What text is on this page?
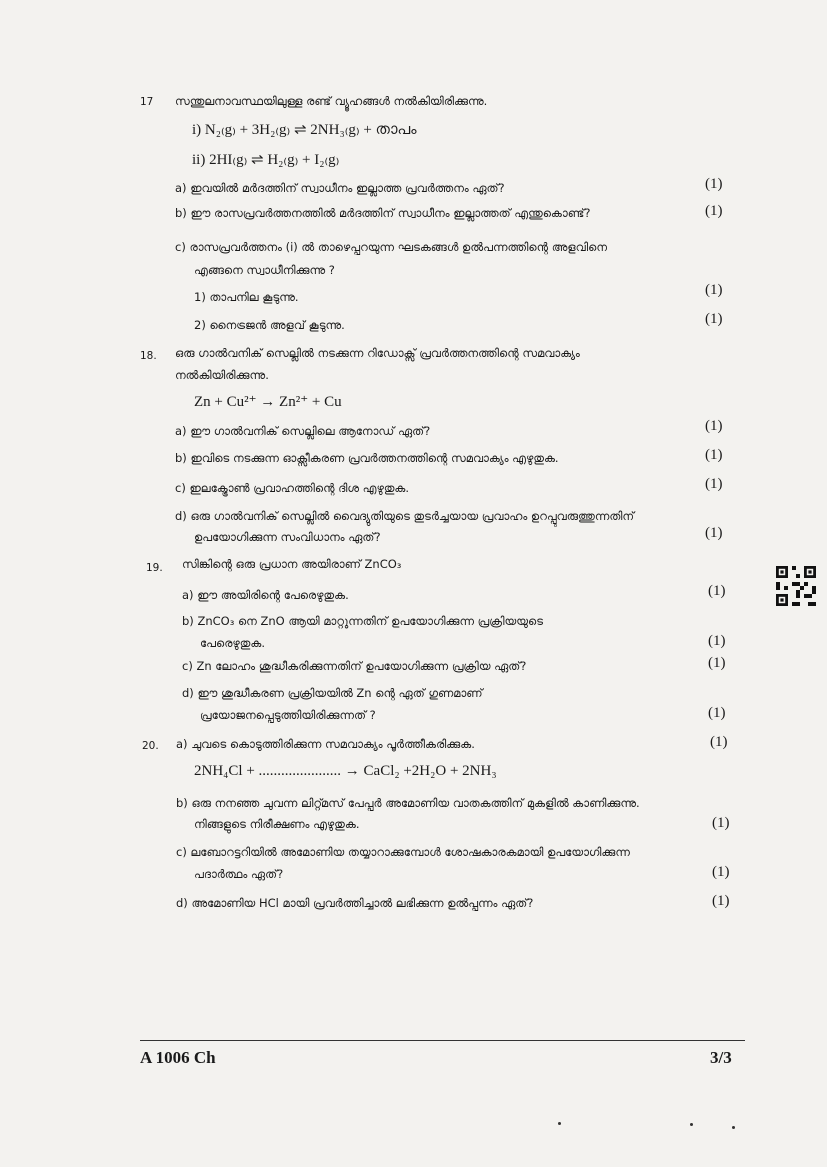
17 സന്തുലനാവസ്ഥയിലുള്ള രണ്ട് വ്യൂഹങ്ങൾ നൽകിയിരിക്കുന്നു.
i) N₂₍g₎ + 3H₂₍g₎ ⇌ 2NH₃₍g₎ + താപം
ii) 2HI₍g₎ ⇌ H₂₍g₎ + I₂₍g₎
a) ഇവയിൽ മർദത്തിന് സ്വാധീനം ഇല്ലാത്ത പ്രവർത്തനം ഏത്?	(1)
b) ഈ രാസപ്രവർത്തനത്തിൽ മർദത്തിന് സ്വാധീനം ഇല്ലാത്തത് എന്തുകൊണ്ട്?	(1)
c) രാസപ്രവർത്തനം (i) ൽ താഴെപ്പറയുന്ന ഘടകങ്ങൾ ഉൽപന്നത്തിന്റെ അളവിനെ
എങ്ങനെ സ്വാധീനിക്കുന്നു ?
1) താപനില കൂടുന്നു.	(1)
2) നൈട്രജൻ അളവ് കൂടുന്നു.	(1)
18. ഒരു ഗാൽവനിക് സെല്ലിൽ നടക്കുന്ന റിഡോക്സ് പ്രവർത്തനത്തിന്റെ സമവാക്യം
നൽകിയിരിക്കുന്നു.
Zn + Cu²⁺ → Zn²⁺ + Cu
a) ഈ ഗാൽവനിക് സെല്ലിലെ ആനോഡ് ഏത്?	(1)
b) ഇവിടെ നടക്കുന്ന ഓക്സീകരണ പ്രവർത്തനത്തിന്റെ സമവാക്യം എഴുതുക.	(1)
c) ഇലക്ട്രോൺ പ്രവാഹത്തിന്റെ ദിശ എഴുതുക.	(1)
d) ഒരു ഗാൽവനിക് സെല്ലിൽ വൈദ്യുതിയുടെ തുടർച്ചയായ പ്രവാഹം ഉറപ്പുവരുത്തുന്നതിന്
ഉപയോഗിക്കുന്ന സംവിധാനം ഏത്?	(1)
19. സിങ്കിന്റെ ഒരു പ്രധാന അയിരാണ് ZnCO₃
a) ഈ അയിരിന്റെ പേരെഴുതുക.	(1)
b) ZnCO₃ നെ ZnO ആയി മാറ്റുന്നതിന് ഉപയോഗിക്കുന്ന പ്രക്രിയയുടെ
പേരെഴുതുക.	(1)
c) Zn ലോഹം ശുദ്ധീകരിക്കുന്നതിന് ഉപയോഗിക്കുന്ന പ്രക്രിയ ഏത്?	(1)
d) ഈ ശുദ്ധീകരണ പ്രക്രിയയിൽ Zn ന്റെ ഏത് ഗുണമാണ്
പ്രയോജനപ്പെടുത്തിയിരിക്കുന്നത് ?	(1)
20. a) ചുവടെ കൊടുത്തിരിക്കുന്ന സമവാക്യം പൂർത്തീകരിക്കുക.	(1)
2NH₄Cl + ...................... → CaCl₂ +2H₂O + 2NH₃
b) ഒരു നനഞ്ഞ ചുവന്ന ലിറ്റ്മസ് പേപ്പർ അമോണിയ വാതകത്തിന് മുകളിൽ കാണിക്കുന്നു.
നിങ്ങളുടെ നിരീക്ഷണം എഴുതുക.	(1)
c) ലബോറട്ടറിയിൽ അമോണിയ തയ്യാറാക്കുമ്പോൾ ശോഷകാരകമായി ഉപയോഗിക്കുന്ന
പദാർത്ഥം ഏത്?	(1)
d) അമോണിയ HCl മായി പ്രവർത്തിച്ചാൽ ലഭിക്കുന്ന ഉൽപ്പന്നം ഏത്?	(1)
A 1006 Ch	3/3
